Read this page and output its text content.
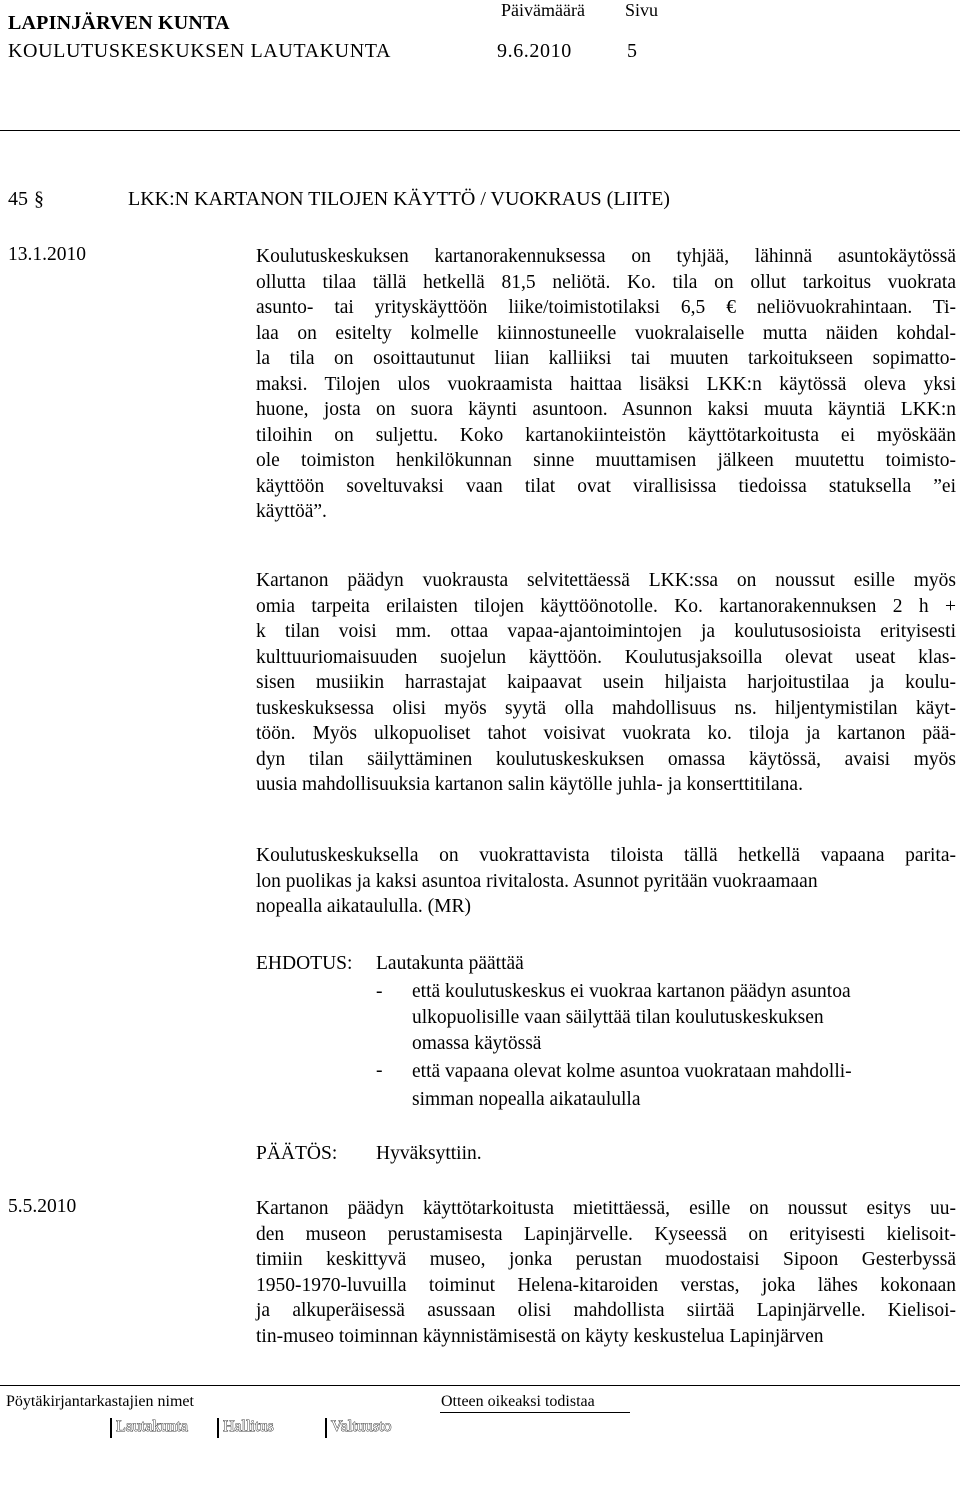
LAPINJÄRVEN KUNTA
Päivämäärä Sivu
KOULUTUSKESKUKSEN LAUTAKUNTA	9.6.2010	5
45 §	LKK:N KARTANON TILOJEN KÄYTTÖ / VUOKRAUS (LIITE)
13.1.2010	Koulutuskeskuksen kartanorakennuksessa on tyhjää, lähinnä asuntokäytössä
ollutta tilaa tällä hetkellä 81,5 neliötä. Ko. tila on ollut tarkoitus vuokrata
asunto- tai yrityskäyttöön liike/toimistotilaksi 6,5 € neliövuokrahintaan. Ti-
laa on esitelty kolmelle kiinnostuneelle vuokralaiselle mutta näiden kohdal-
la tila on osoittautunut liian kalliiksi tai muuten tarkoitukseen sopimatto-
maksi. Tilojen ulos vuokraamista haittaa lisäksi LKK:n käytössä oleva yksi
huone, josta on suora käynti asuntoon. Asunnon kaksi muuta käyntiä LKK:n
tiloihin on suljettu. Koko kartanokiinteistön käyttötarkoitusta ei myöskään
ole toimiston henkilökunnan sinne muuttamisen jälkeen muutettu toimisto-
käyttöön soveltuvaksi vaan tilat ovat virallisissa tiedoissa statuksella ”ei
käyttöä”.
Kartanon päädyn vuokrausta selvitettäessä LKK:ssa on noussut esille myös
omia tarpeita erilaisten tilojen käyttöönotolle. Ko. kartanorakennuksen 2 h +
k tilan voisi mm. ottaa vapaa-ajantoimintojen ja koulutusosioista erityisesti
kulttuuriomaisuuden suojelun käyttöön. Koulutusjaksoilla olevat useat klas-
sisen musiikin harrastajat kaipaavat usein hiljaista harjoitustilaa ja koulu-
tuskeskuksessa olisi myös syytä olla mahdollisuus ns. hiljentymistilan käyt-
töön. Myös ulkopuoliset tahot voisivat vuokrata ko. tiloja ja kartanon pää-
dyn tilan säilyttäminen koulutuskeskuksen omassa käytössä, avaisi myös
uusia mahdollisuuksia kartanon salin käytölle juhla- ja konserttitilana.
Koulutuskeskuksella on vuokrattavista tiloista tällä hetkellä vapaana parita-
lon puolikas ja kaksi asuntoa rivitalosta. Asunnot pyritään vuokraamaan
nopealla aikataululla. (MR)
EHDOTUS: Lautakunta päättää
- että koulutuskeskus ei vuokraa kartanon päädyn asuntoa
ulkopuolisille vaan säilyttää tilan koulutuskeskuksen
omassa käytössä
- että vapaana olevat kolme asuntoa vuokrataan mahdolli-
simman nopealla aikataululla
PÄÄTÖS: Hyväksyttiin.
5.5.2010	Kartanon päädyn käyttötarkoitusta mietittäessä, esille on noussut esitys uu-
den museon perustamisesta Lapinjärvelle. Kyseessä on erityisesti kielisoit-
timiin keskittyvä museo, jonka perustan muodostaisi Sipoon Gesterbyssä
1950-1970-luvuilla toiminut Helena-kitaroiden verstas, joka lähes kokonaan
ja alkuperäisessä asussaan olisi mahdollista siirtää Lapinjärvelle. Kielisoi-
tin-museo toiminnan käynnistämisestä on käyty keskustelua Lapinjärven
Pöytäkirjantarkastajien nimet	Otteen oikeaksi todistaa
Lautakunta Hallitus	Valtuusto
